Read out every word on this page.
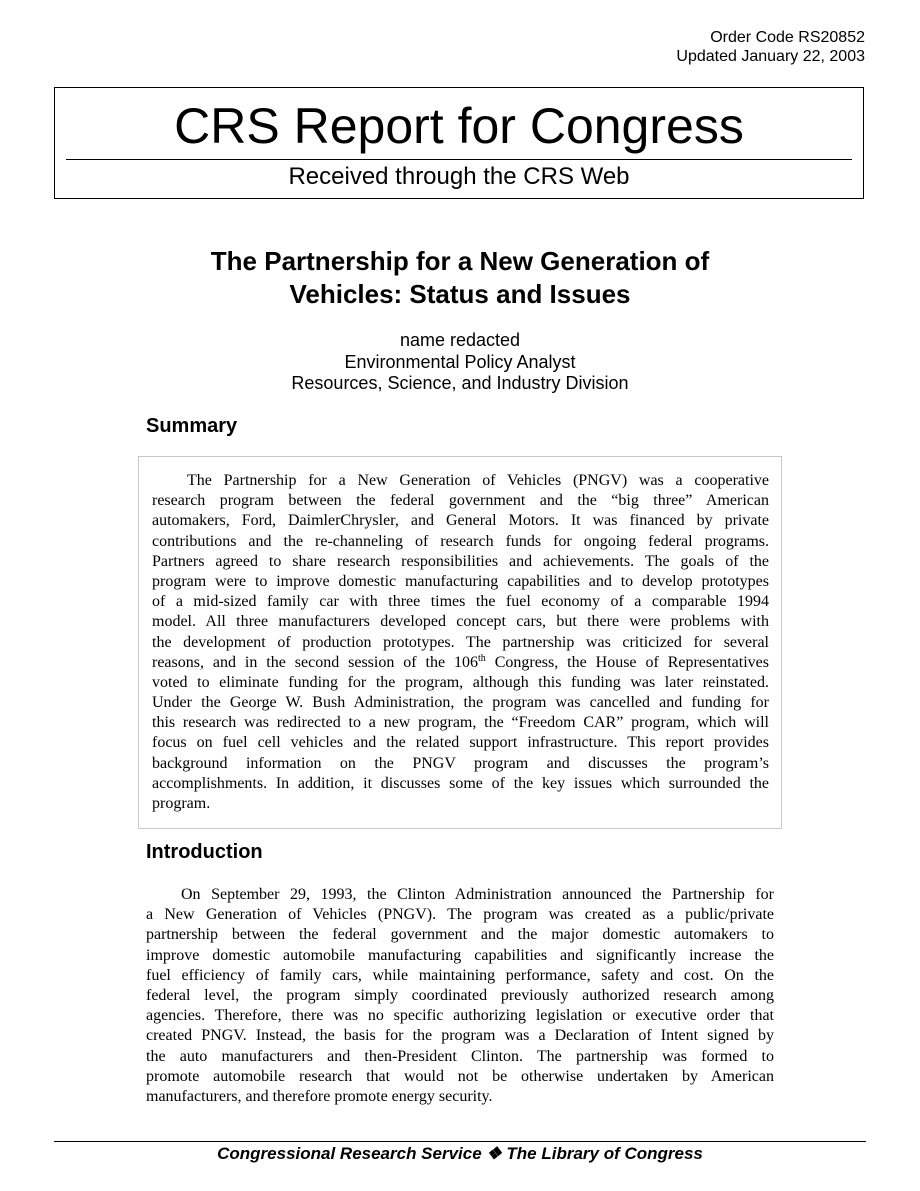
Order Code RS20852
Updated January 22, 2003
CRS Report for Congress
Received through the CRS Web
The Partnership for a New Generation of
Vehicles: Status and Issues
name redacted
Environmental Policy Analyst
Resources, Science, and Industry Division
Summary
The Partnership for a New Generation of Vehicles (PNGV) was a cooperative
research program between the federal government and the “big three” American
automakers, Ford, DaimlerChrysler, and General Motors. It was financed by private
contributions and the re-channeling of research funds for ongoing federal programs.
Partners agreed to share research responsibilities and achievements. The goals of the
program were to improve domestic manufacturing capabilities and to develop prototypes
of a mid-sized family car with three times the fuel economy of a comparable 1994
model. All three manufacturers developed concept cars, but there were problems with
the development of production prototypes. The partnership was criticized for several
reasons, and in the second session of the 106th Congress, the House of Representatives
voted to eliminate funding for the program, although this funding was later reinstated.
Under the George W. Bush Administration, the program was cancelled and funding for
this research was redirected to a new program, the “Freedom CAR” program, which will
focus on fuel cell vehicles and the related support infrastructure. This report provides
background information on the PNGV program and discusses the program’s
accomplishments. In addition, it discusses some of the key issues which surrounded the
program.
Introduction
On September 29, 1993, the Clinton Administration announced the Partnership for
a New Generation of Vehicles (PNGV). The program was created as a public/private
partnership between the federal government and the major domestic automakers to
improve domestic automobile manufacturing capabilities and significantly increase the
fuel efficiency of family cars, while maintaining performance, safety and cost. On the
federal level, the program simply coordinated previously authorized research among
agencies. Therefore, there was no specific authorizing legislation or executive order that
created PNGV. Instead, the basis for the program was a Declaration of Intent signed by
the auto manufacturers and then-President Clinton. The partnership was formed to
promote automobile research that would not be otherwise undertaken by American
manufacturers, and therefore promote energy security.
Congressional Research Service ❖ The Library of Congress
